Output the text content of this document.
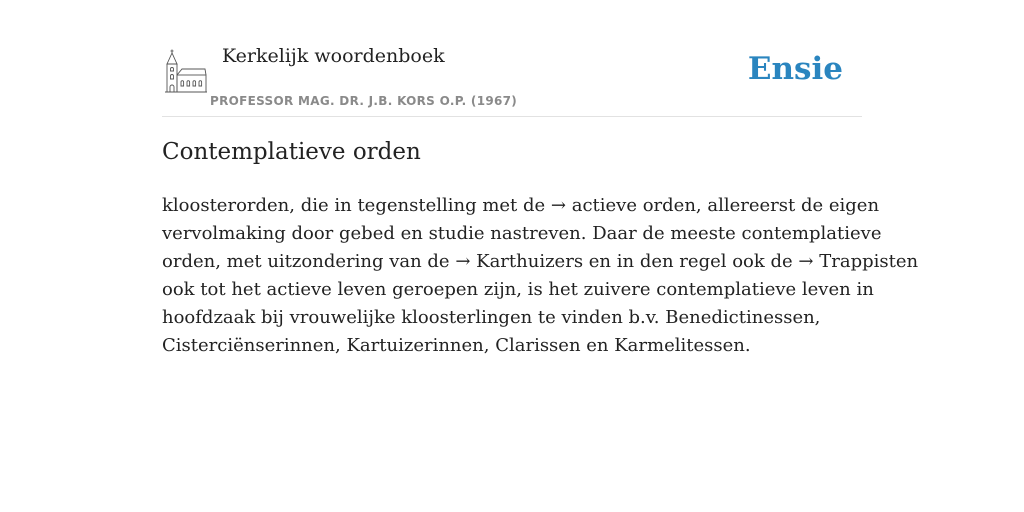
Kerkelijk woordenboek
PROFESSOR MAG. DR. J.B. KORS O.P. (1967)
Ensie
Contemplatieve orden

kloosterorden, die in tegenstelling met de → actieve orden, allereerst de eigen
vervolmaking door gebed en studie nastreven. Daar de meeste contemplatieve
orden, met uitzondering van de → Karthuizers en in den regel ook de → Trappisten
ook tot het actieve leven geroepen zijn, is het zuivere contemplatieve leven in
hoofdzaak bij vrouwelijke kloosterlingen te vinden b.v. Benedictinessen,
Cisterciënserinnen, Kartuizerinnen, Clarissen en Karmelitessen.
